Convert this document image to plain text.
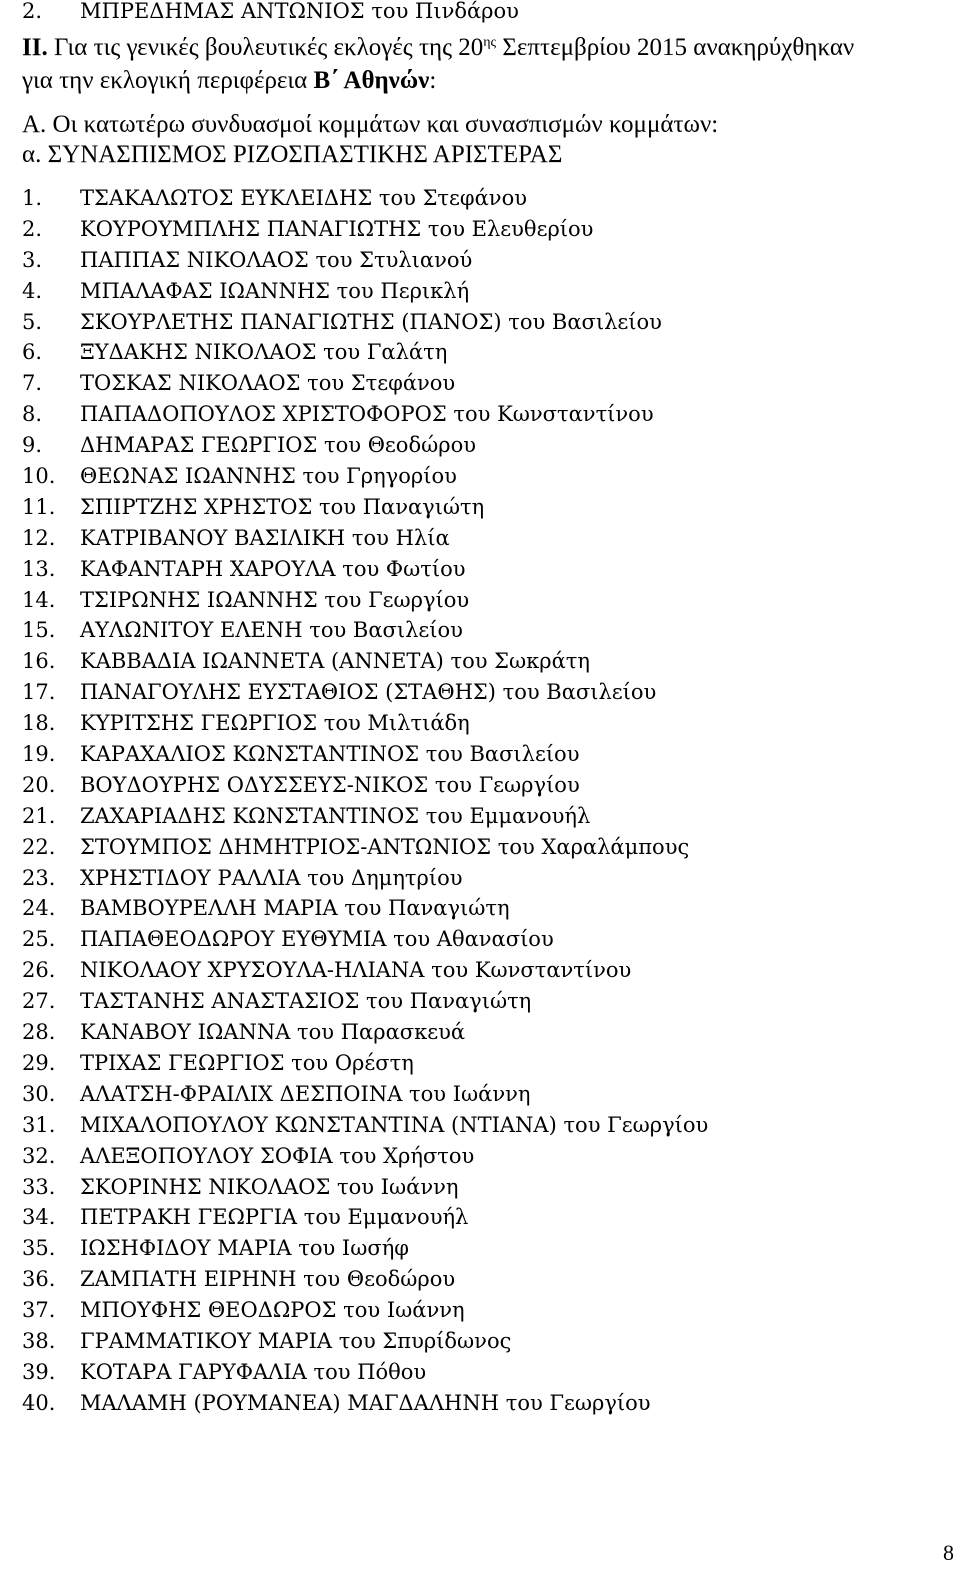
2. ΜΠΡΕΔΗΜΑΣ ΑΝΤΩΝΙΟΣ του Πινδάρου
ΙΙ. Για τις γενικές βουλευτικές εκλογές της $20^{\eta\varsigma}$ Σεπτεμβρίου 2015 ανακηρύχθηκαν
για την εκλογική περιφέρεια Β΄ Αθηνών:
Α. Οι κατωτέρω συνδυασμοί κομμάτων και συνασπισμών κομμάτων:
α. ΣΥΝΑΣΠΙΣΜΟΣ ΡΙΖΟΣΠΑΣΤΙΚΗΣ ΑΡΙΣΤΕΡΑΣ
1. ΤΣΑΚΑΛΩΤΟΣ ΕΥΚΛΕΙΔΗΣ του Στεφάνου
2. ΚΟΥΡΟΥΜΠΛΗΣ ΠΑΝΑΓΙΩΤΗΣ του Ελευθερίου
3. ΠΑΠΠΑΣ ΝΙΚΟΛΑΟΣ του Στυλιανού
4. ΜΠΑΛΑΦΑΣ ΙΩΑΝΝΗΣ του Περικλή
5. ΣΚΟΥΡΛΕΤΗΣ ΠΑΝΑΓΙΩΤΗΣ (ΠΑΝΟΣ) του Βασιλείου
6. ΞΥΔΑΚΗΣ ΝΙΚΟΛΑΟΣ του Γαλάτη
7. ΤΟΣΚΑΣ ΝΙΚΟΛΑΟΣ του Στεφάνου
8. ΠΑΠΑΔΟΠΟΥΛΟΣ ΧΡΙΣΤΟΦΟΡΟΣ του Κωνσταντίνου
9. ΔΗΜΑΡΑΣ ΓΕΩΡΓΙΟΣ του Θεοδώρου
10. ΘΕΩΝΑΣ ΙΩΑΝΝΗΣ του Γρηγορίου
11. ΣΠΙΡΤΖΗΣ ΧΡΗΣΤΟΣ του Παναγιώτη
12. ΚΑΤΡΙΒΑΝΟΥ ΒΑΣΙΛΙΚΗ του Ηλία
13. ΚΑΦΑΝΤΑΡΗ ΧΑΡΟΥΛΑ του Φωτίου
14. ΤΣΙΡΩΝΗΣ ΙΩΑΝΝΗΣ του Γεωργίου
15. ΑΥΛΩΝΙΤΟΥ ΕΛΕΝΗ του Βασιλείου
16. ΚΑΒΒΑΔΙΑ ΙΩΑΝΝΕΤΑ (ΑΝΝΕΤΑ) του Σωκράτη
17. ΠΑΝΑΓΟΥΛΗΣ ΕΥΣΤΑΘΙΟΣ (ΣΤΑΘΗΣ) του Βασιλείου
18. ΚΥΡΙΤΣΗΣ ΓΕΩΡΓΙΟΣ του Μιλτιάδη
19. ΚΑΡΑΧΑΛΙΟΣ ΚΩΝΣΤΑΝΤΙΝΟΣ του Βασιλείου
20. ΒΟΥΔΟΥΡΗΣ ΟΔΥΣΣΕΥΣ-ΝΙΚΟΣ του Γεωργίου
21. ΖΑΧΑΡΙΑΔΗΣ ΚΩΝΣΤΑΝΤΙΝΟΣ του Εμμανουήλ
22. ΣΤΟΥΜΠΟΣ ΔΗΜΗΤΡΙΟΣ-ΑΝΤΩΝΙΟΣ του Χαραλάμπους
23. ΧΡΗΣΤΙΔΟΥ ΡΑΛΛΙΑ του Δημητρίου
24. ΒΑΜΒΟΥΡΕΛΛΗ ΜΑΡΙΑ του Παναγιώτη
25. ΠΑΠΑΘΕΟΔΩΡΟΥ ΕΥΘΥΜΙΑ του Αθανασίου
26. ΝΙΚΟΛΑΟΥ ΧΡΥΣΟΥΛΑ-ΗΛΙΑΝΑ του Κωνσταντίνου
27. ΤΑΣΤΑΝΗΣ ΑΝΑΣΤΑΣΙΟΣ του Παναγιώτη
28. ΚΑΝΑΒΟΥ ΙΩΑΝΝΑ του Παρασκευά
29. ΤΡΙΧΑΣ ΓΕΩΡΓΙΟΣ του Ορέστη
30. ΑΛΑΤΣΗ-ΦΡΑΙΛΙΧ ΔΕΣΠΟΙΝΑ του Ιωάννη
31. ΜΙΧΑΛΟΠΟΥΛΟΥ ΚΩΝΣΤΑΝΤΙΝΑ (ΝΤΙΑΝΑ) του Γεωργίου
32. ΑΛΕΞΟΠΟΥΛΟΥ ΣΟΦΙΑ του Χρήστου
33. ΣΚΟΡΙΝΗΣ ΝΙΚΟΛΑΟΣ του Ιωάννη
34. ΠΕΤΡΑΚΗ ΓΕΩΡΓΙΑ του Εμμανουήλ
35. ΙΩΣΗΦΙΔΟΥ ΜΑΡΙΑ του Ιωσήφ
36. ΖΑΜΠΑΤΗ ΕΙΡΗΝΗ του Θεοδώρου
37. ΜΠΟΥΦΗΣ ΘΕΟΔΩΡΟΣ του Ιωάννη
38. ΓΡΑΜΜΑΤΙΚΟΥ ΜΑΡΙΑ του Σπυρίδωνος
39. ΚΟΤΑΡΑ ΓΑΡΥΦΑΛΙΑ του Πόθου
40. ΜΑΛΑΜΗ (ΡΟΥΜΑΝΕΑ) ΜΑΓΔΑΛΗΝΗ του Γεωργίου
8
